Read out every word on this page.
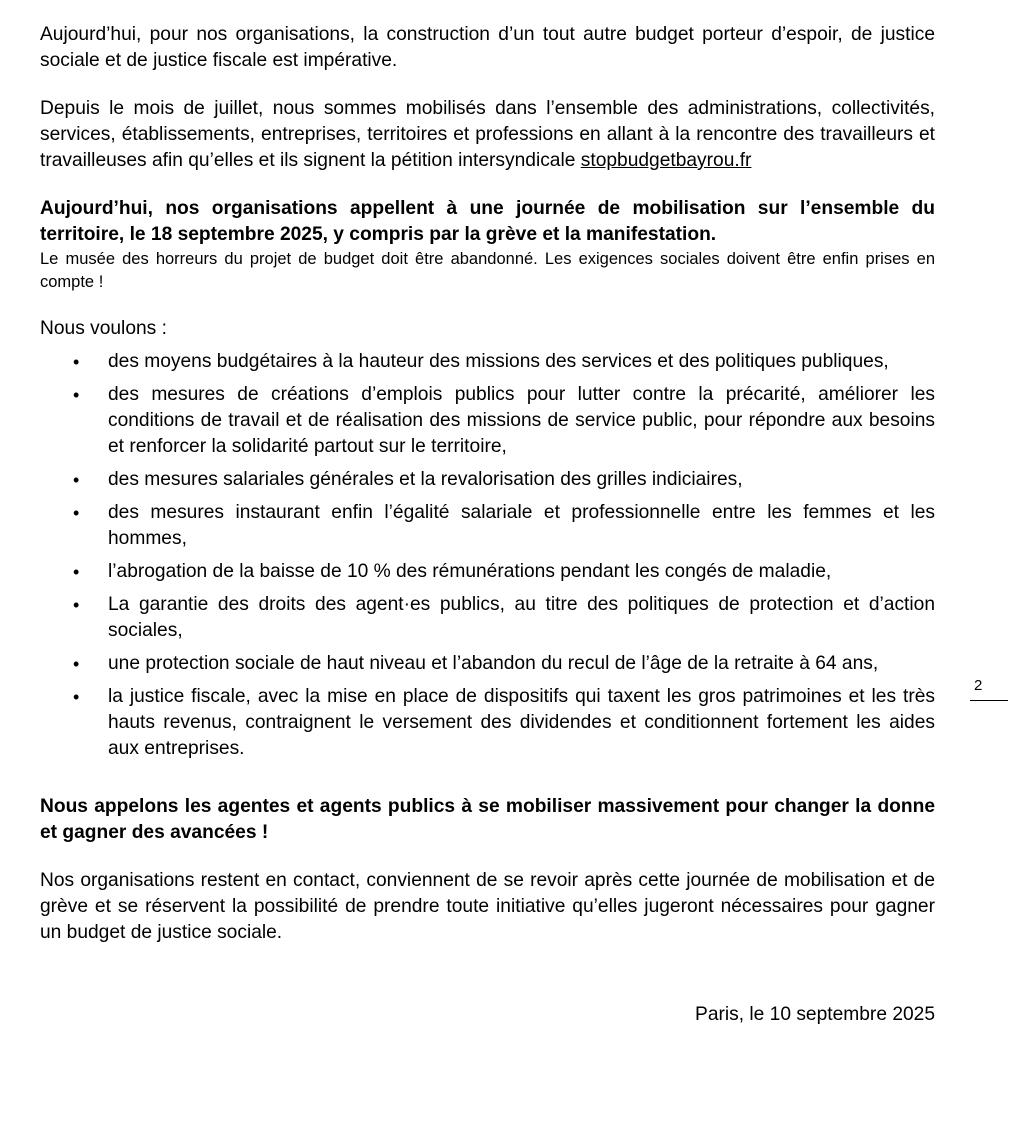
Aujourd’hui, pour nos organisations, la construction d’un tout autre budget porteur d’espoir, de justice sociale et de justice fiscale est impérative.

Depuis le mois de juillet, nous sommes mobilisés dans l’ensemble des administrations, collectivités, services, établissements, entreprises, territoires et professions en allant à la rencontre des travailleurs et travailleuses afin qu’elles et ils signent la pétition intersyndicale stopbudgetbayrou.fr

Aujourd’hui, nos organisations appellent à une journée de mobilisation sur l’ensemble du territoire, le 18 septembre 2025, y compris par la grève et la manifestation.

Le musée des horreurs du projet de budget doit être abandonné. Les exigences sociales doivent être enfin prises en compte !

Nous voulons :

• des moyens budgétaires à la hauteur des missions des services et des politiques publiques,
• des mesures de créations d’emplois publics pour lutter contre la précarité, améliorer les conditions de travail et de réalisation des missions de service public, pour répondre aux besoins et renforcer la solidarité partout sur le territoire,
• des mesures salariales générales et la revalorisation des grilles indiciaires,
• des mesures instaurant enfin l’égalité salariale et professionnelle entre les femmes et les hommes,
• l’abrogation de la baisse de 10 % des rémunérations pendant les congés de maladie,
• La garantie des droits des agent·es publics, au titre des politiques de protection et d’action sociales,
• une protection sociale de haut niveau et l’abandon du recul de l’âge de la retraite à 64 ans,
• la justice fiscale, avec la mise en place de dispositifs qui taxent les gros patrimoines et les très hauts revenus, contraignent le versement des dividendes et conditionnent fortement les aides aux entreprises.

Nous appelons les agentes et agents publics à se mobiliser massivement pour changer la donne et gagner des avancées !

Nos organisations restent en contact, conviennent de se revoir après cette journée de mobilisation et de grève et se réservent la possibilité de prendre toute initiative qu’elles jugeront nécessaires pour gagner un budget de justice sociale.

Paris, le 10 septembre 2025

2
